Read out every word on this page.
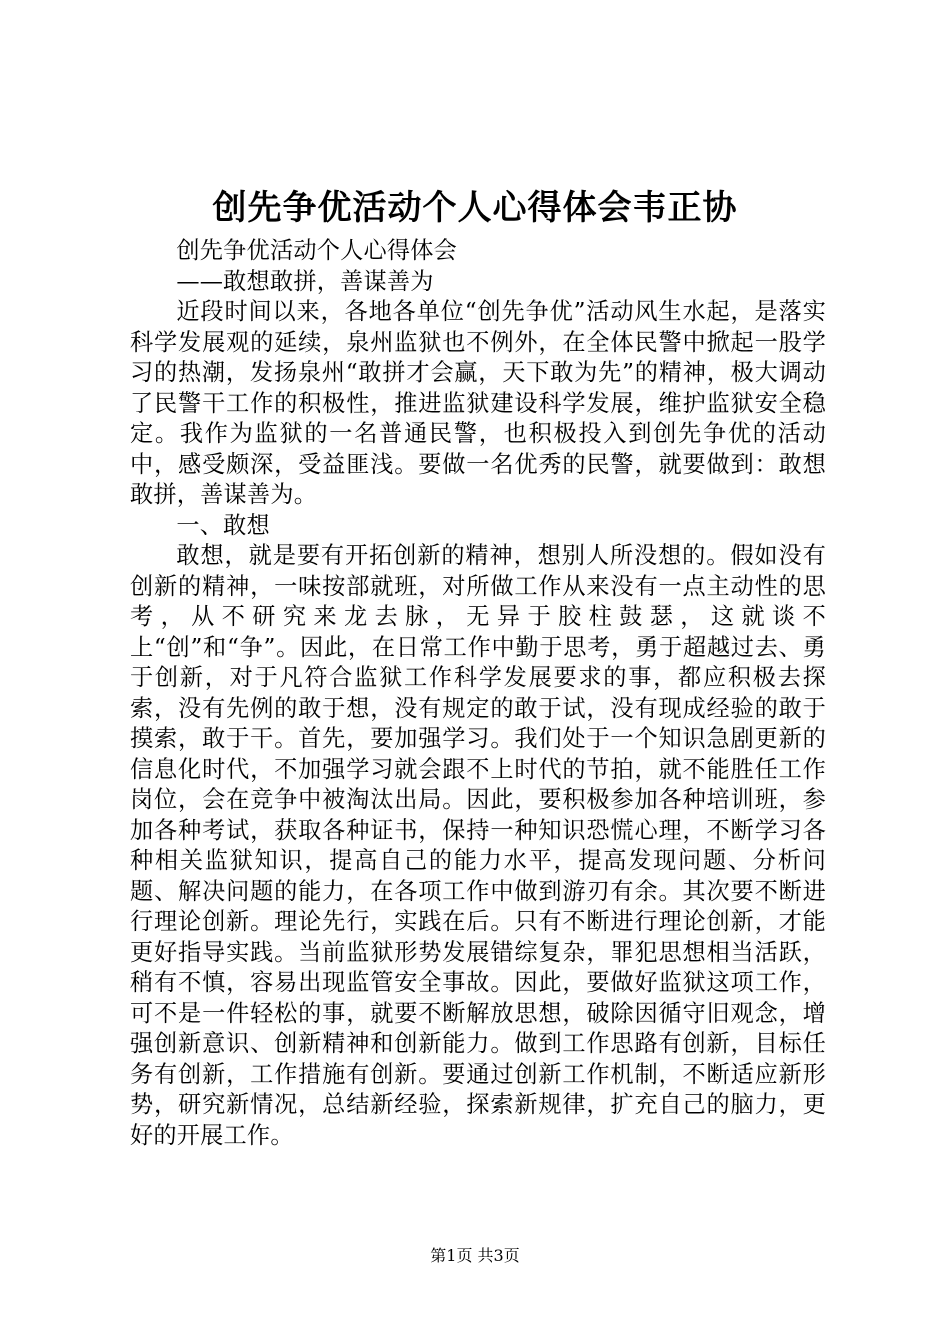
创先争优活动个人心得体会韦正协

创先争优活动个人心得体会

——敢想敢拼，善谋善为

近段时间以来，各地各单位“创先争优”活动风生水起，是落实科学发展观的延续，泉州监狱也不例外，在全体民警中掀起一股学习的热潮，发扬泉州“敢拼才会赢，天下敢为先”的精神，极大调动了民警干工作的积极性，推进监狱建设科学发展，维护监狱安全稳定。我作为监狱的一名普通民警，也积极投入到创先争优的活动中，感受颇深，受益匪浅。要做一名优秀的民警，就要做到：敢想敢拼，善谋善为。

一、敢想

敢想，就是要有开拓创新的精神，想别人所没想的。假如没有创新的精神，一味按部就班，对所做工作从来没有一点主动性的思考，从不研究来龙去脉，无异于胶柱鼓瑟，这就谈不上“创”和“争”。因此，在日常工作中勤于思考，勇于超越过去、勇于创新，对于凡符合监狱工作科学发展要求的事，都应积极去探索，没有先例的敢于想，没有规定的敢于试，没有现成经验的敢于摸索，敢于干。首先，要加强学习。我们处于一个知识急剧更新的信息化时代，不加强学习就会跟不上时代的节拍，就不能胜任工作岗位，会在竞争中被淘汰出局。因此，要积极参加各种培训班，参加各种考试，获取各种证书，保持一种知识恐慌心理，不断学习各种相关监狱知识，提高自己的能力水平，提高发现问题、分析问题、解决问题的能力，在各项工作中做到游刃有余。其次要不断进行理论创新。理论先行，实践在后。只有不断进行理论创新，才能更好指导实践。当前监狱形势发展错综复杂，罪犯思想相当活跃，稍有不慎，容易出现监管安全事故。因此，要做好监狱这项工作，可不是一件轻松的事，就要不断解放思想，破除因循守旧观念，增强创新意识、创新精神和创新能力。做到工作思路有创新，目标任务有创新，工作措施有创新。要通过创新工作机制，不断适应新形势，研究新情况，总结新经验，探索新规律，扩充自己的脑力，更好的开展工作。

第1页 共3页
